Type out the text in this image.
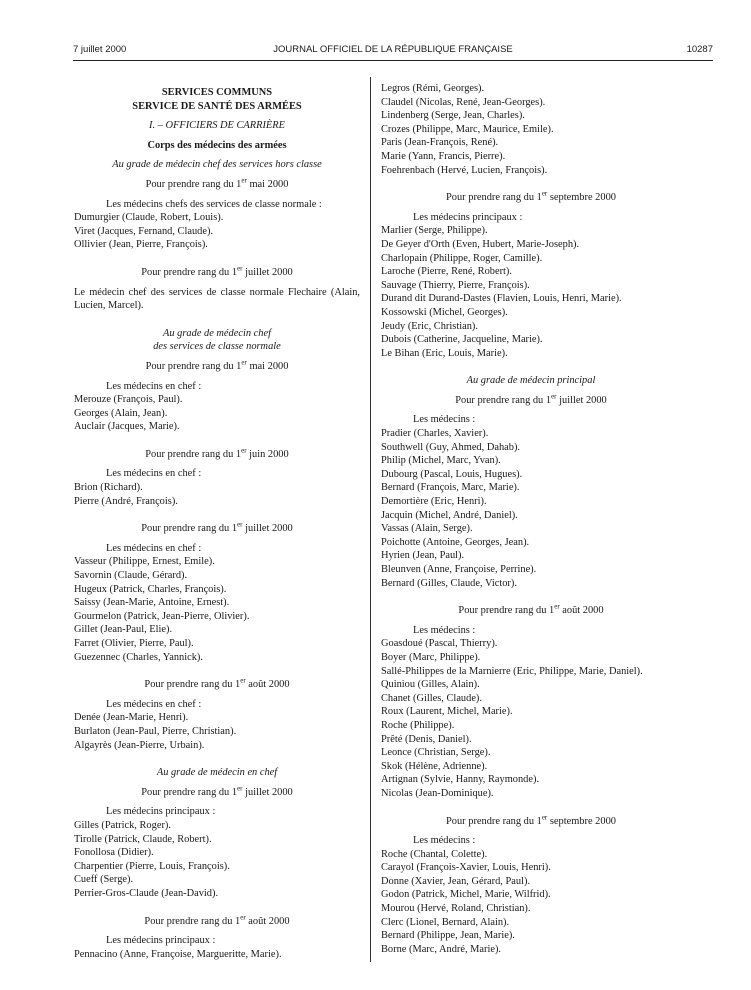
7 juillet 2000	JOURNAL OFFICIEL DE LA RÉPUBLIQUE FRANÇAISE	10287
SERVICES COMMUNS
SERVICE DE SANTÉ DES ARMÉES
I. – OFFICIERS DE CARRIÈRE
Corps des médecins des armées
Au grade de médecin chef des services hors classe
Pour prendre rang du 1er mai 2000
Les médecins chefs des services de classe normale :
Dumurgier (Claude, Robert, Louis).
Viret (Jacques, Fernand, Claude).
Ollivier (Jean, Pierre, François).
Pour prendre rang du 1er juillet 2000
Le médecin chef des services de classe normale Flechaire (Alain, Lucien, Marcel).
Au grade de médecin chef
des services de classe normale
Pour prendre rang du 1er mai 2000
Les médecins en chef :
Merouze (François, Paul).
Georges (Alain, Jean).
Auclair (Jacques, Marie).
Pour prendre rang du 1er juin 2000
Les médecins en chef :
Brion (Richard).
Pierre (André, François).
Pour prendre rang du 1er juillet 2000
Les médecins en chef :
Vasseur (Philippe, Ernest, Emile).
Savornin (Claude, Gérard).
Hugeux (Patrick, Charles, François).
Saissy (Jean-Marie, Antoine, Ernest).
Gourmelon (Patrick, Jean-Pierre, Olivier).
Gillet (Jean-Paul, Elie).
Farret (Olivier, Pierre, Paul).
Guezennec (Charles, Yannick).
Pour prendre rang du 1er août 2000
Les médecins en chef :
Denée (Jean-Marie, Henri).
Burlaton (Jean-Paul, Pierre, Christian).
Algayrès (Jean-Pierre, Urbain).
Au grade de médecin en chef
Pour prendre rang du 1er juillet 2000
Les médecins principaux :
Gilles (Patrick, Roger).
Tirolle (Patrick, Claude, Robert).
Fonollosa (Didier).
Charpentier (Pierre, Louis, François).
Cueff (Serge).
Perrier-Gros-Claude (Jean-David).
Pour prendre rang du 1er août 2000
Les médecins principaux :
Pennacino (Anne, Françoise, Margueritte, Marie).
Legros (Rémi, Georges).
Claudel (Nicolas, René, Jean-Georges).
Lindenberg (Serge, Jean, Charles).
Crozes (Philippe, Marc, Maurice, Emile).
Paris (Jean-François, René).
Marie (Yann, Francis, Pierre).
Foehrenbach (Hervé, Lucien, François).
Pour prendre rang du 1er septembre 2000
Les médecins principaux :
Marlier (Serge, Philippe).
De Geyer d'Orth (Even, Hubert, Marie-Joseph).
Charlopain (Philippe, Roger, Camille).
Laroche (Pierre, René, Robert).
Sauvage (Thierry, Pierre, François).
Durand dit Durand-Dastes (Flavien, Louis, Henri, Marie).
Kossowski (Michel, Georges).
Jeudy (Eric, Christian).
Dubois (Catherine, Jacqueline, Marie).
Le Bihan (Eric, Louis, Marie).
Au grade de médecin principal
Pour prendre rang du 1er juillet 2000
Les médecins :
Pradier (Charles, Xavier).
Southwell (Guy, Ahmed, Dahab).
Philip (Michel, Marc, Yvan).
Dubourg (Pascal, Louis, Hugues).
Bernard (François, Marc, Marie).
Demortière (Eric, Henri).
Jacquin (Michel, André, Daniel).
Vassas (Alain, Serge).
Poichotte (Antoine, Georges, Jean).
Hyrien (Jean, Paul).
Bleunven (Anne, Françoise, Perrine).
Bernard (Gilles, Claude, Victor).
Pour prendre rang du 1er août 2000
Les médecins :
Goasdoué (Pascal, Thierry).
Boyer (Marc, Philippe).
Sallé-Philippes de la Marnierre (Eric, Philippe, Marie, Daniel).
Quiniou (Gilles, Alain).
Chanet (Gilles, Claude).
Roux (Laurent, Michel, Marie).
Roche (Philippe).
Prêté (Denis, Daniel).
Leonce (Christian, Serge).
Skok (Hélène, Adrienne).
Artignan (Sylvie, Hanny, Raymonde).
Nicolas (Jean-Dominique).
Pour prendre rang du 1er septembre 2000
Les médecins :
Roche (Chantal, Colette).
Carayol (François-Xavier, Louis, Henri).
Donne (Xavier, Jean, Gérard, Paul).
Godon (Patrick, Michel, Marie, Wilfrid).
Mourou (Hervé, Roland, Christian).
Clerc (Lionel, Bernard, Alain).
Bernard (Philippe, Jean, Marie).
Borne (Marc, André, Marie).
